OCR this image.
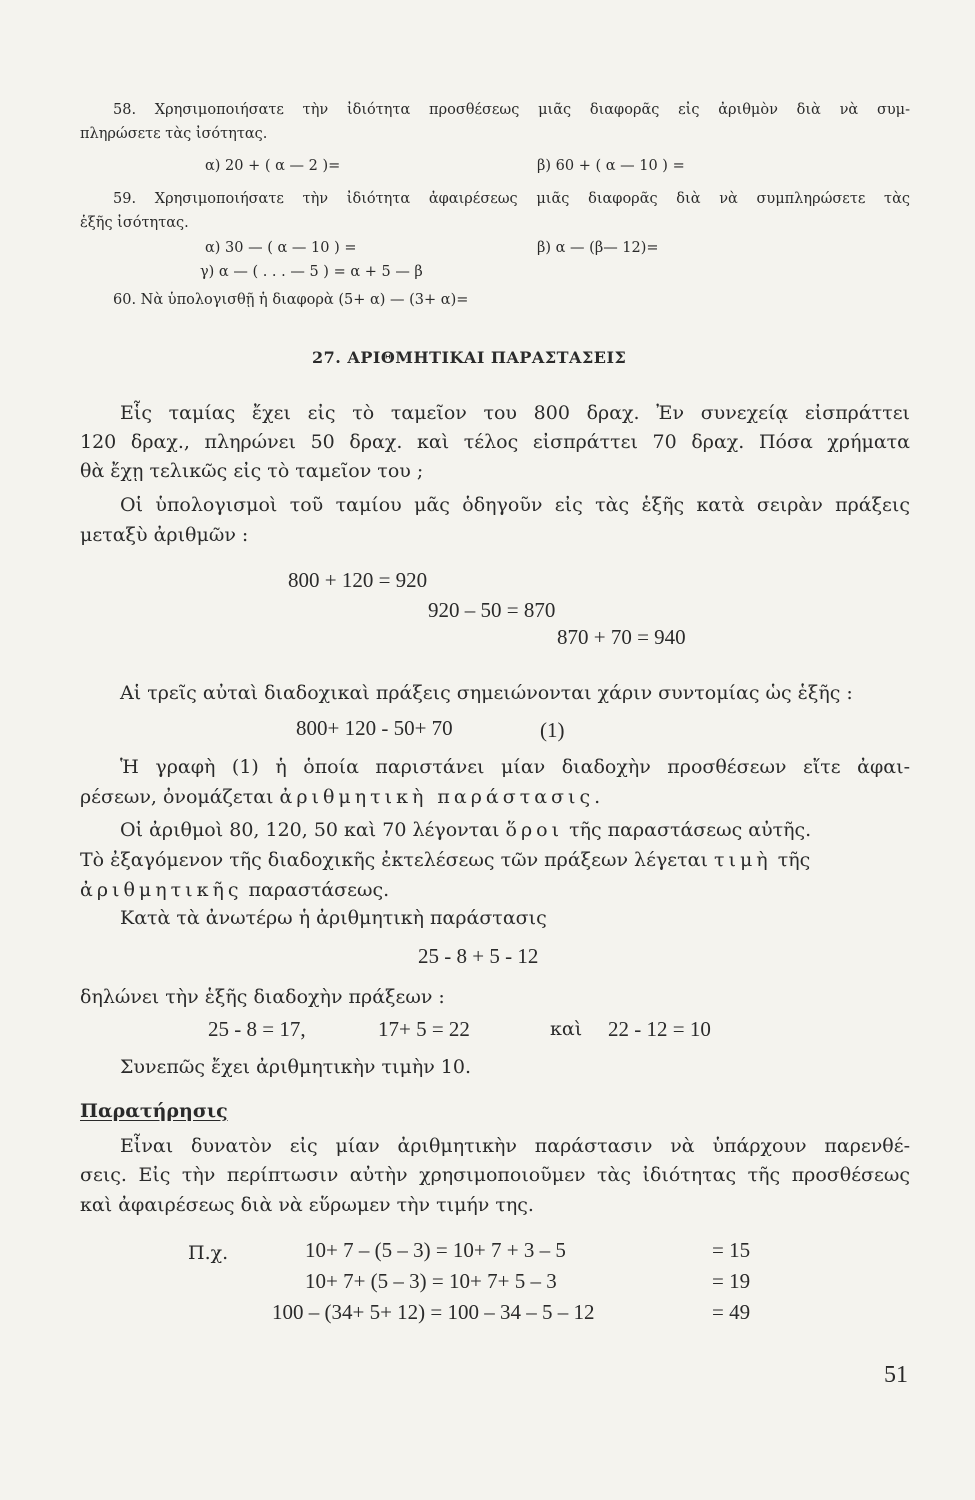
58. Χρησιμοποιήσατε τὴν ἰδιότητα προσθέσεως μιᾶς διαφορᾶς εἰς ἀριθμὸν διὰ νὰ συμ-
πληρώσετε τὰς ἰσότητας.
α) 20 + ( α — 2 )=	β) 60 + ( α — 10 ) =
59. Χρησιμοποιήσατε τὴν ἰδιότητα ἀφαιρέσεως μιᾶς διαφορᾶς διὰ νὰ συμπληρώσετε τὰς
ἑξῆς ἰσότητας.
α) 30 — ( α — 10 ) =	β) α — (β— 12)=
γ) α — ( . . . — 5 ) = α + 5 — β
60. Νὰ ὑπολογισθῇ ἡ διαφορὰ (5+ α) — (3+ α)=
27. ΑΡΙΘΜΗΤΙΚΑΙ ΠΑΡΑΣΤΑΣΕΙΣ
Εἷς ταμίας ἔχει εἰς τὸ ταμεῖον του 800 δραχ. Ἐν συνεχείᾳ εἰσπράττει
120 δραχ., πληρώνει 50 δραχ. καὶ τέλος εἰσπράττει 70 δραχ. Πόσα χρήματα
θὰ ἔχῃ τελικῶς εἰς τὸ ταμεῖον του ;
Οἱ ὑπολογισμοὶ τοῦ ταμίου μᾶς ὁδηγοῦν εἰς τὰς ἑξῆς κατὰ σειρὰν πράξεις
μεταξὺ ἀριθμῶν :
800 + 120 = 920
920 – 50 = 870
870 + 70 = 940
Αἱ τρεῖς αὐταὶ διαδοχικαὶ πράξεις σημειώνονται χάριν συντομίας ὡς ἑξῆς :
800+ 120 - 50+ 70	(1)
Ἡ γραφὴ (1) ἡ ὁποία παριστάνει μίαν διαδοχὴν προσθέσεων εἴτε ἀφαι-
ρέσεων, ὀνομάζεται ἀριθμητικὴ παράστασις.
Οἱ ἀριθμοὶ 80, 120, 50 καὶ 70 λέγονται ὅροι τῆς παραστάσεως αὐτῆς.
Τὸ ἐξαγόμενον τῆς διαδοχικῆς ἐκτελέσεως τῶν πράξεων λέγεται τιμὴ τῆς
ἀριθμητικῆς παραστάσεως.
Κατὰ τὰ ἀνωτέρω ἡ ἀριθμητικὴ παράστασις
25 - 8 + 5 - 12
δηλώνει τὴν ἑξῆς διαδοχὴν πράξεων :
25 - 8 = 17,	17+ 5 = 22	καὶ 22 - 12 = 10
Συνεπῶς ἔχει ἀριθμητικὴν τιμὴν 10.
Παρατήρησις
Εἶναι δυνατὸν εἰς μίαν ἀριθμητικὴν παράστασιν νὰ ὑπάρχουν παρενθέ-
σεις. Εἰς τὴν περίπτωσιν αὐτὴν χρησιμοποιοῦμεν τὰς ἰδιότητας τῆς προσθέσεως
καὶ ἀφαιρέσεως διὰ νὰ εὕρωμεν τὴν τιμήν της.
Π.χ.	10+ 7 – (5 – 3) = 10+ 7 + 3 – 5	= 15
10+ 7+ (5 – 3) = 10+ 7+ 5 – 3	= 19
100 – (34+ 5+ 12) = 100 – 34 – 5 – 12	= 49
51
